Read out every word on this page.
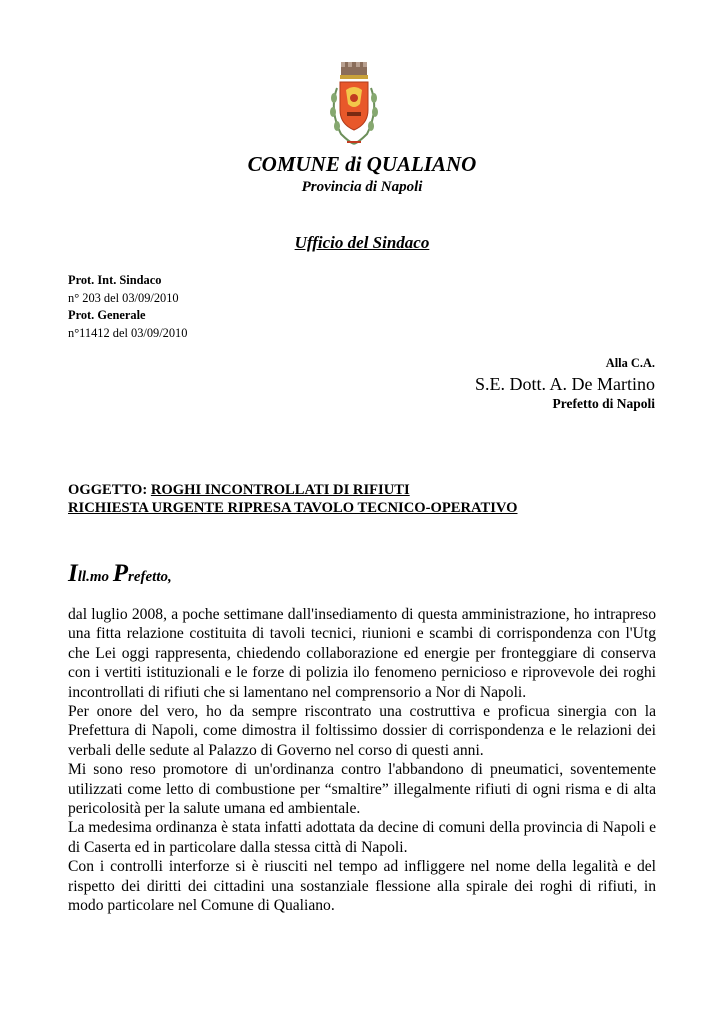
COMUNE di QUALIANO
Provincia di Napoli
Ufficio del Sindaco
Prot. Int. Sindaco
n° 203 del 03/09/2010
Prot. Generale
n°11412 del 03/09/2010
Alla C.A.
S.E. Dott. A. De Martino
Prefetto di Napoli
OGGETTO: ROGHI INCONTROLLATI DI RIFIUTI
RICHIESTA URGENTE RIPRESA TAVOLO TECNICO-OPERATIVO
Ill.mo Prefetto,

dal luglio 2008, a poche settimane dall'insediamento di questa amministrazione, ho intrapreso una fitta relazione costituita di tavoli tecnici, riunioni e scambi di corrispondenza con l'Utg che Lei oggi rappresenta, chiedendo collaborazione ed energie per fronteggiare di conserva con i vertiti istituzionali e le forze di polizia ilo fenomeno pernicioso e riprovevole dei roghi incontrollati di rifiuti che si lamentano nel comprensorio a Nor di Napoli.

Per onore del vero, ho da sempre riscontrato una costruttiva e proficua sinergia con la Prefettura di Napoli, come dimostra il foltissimo dossier di corrispondenza e le relazioni dei verbali delle sedute al Palazzo di Governo nel corso di questi anni.

Mi sono reso promotore di un'ordinanza contro l'abbandono di pneumatici, soventemente utilizzati come letto di combustione per “smaltire” illegalmente rifiuti di ogni risma e di alta pericolosità per la salute umana ed ambientale.

La medesima ordinanza è stata infatti adottata da decine di comuni della provincia di Napoli e di Caserta ed in particolare dalla stessa città di Napoli.

Con i controlli interforze si è riusciti nel tempo ad infliggere nel nome della legalità e del rispetto dei diritti dei cittadini una sostanziale flessione alla spirale dei roghi di rifiuti, in modo particolare nel Comune di Qualiano.
